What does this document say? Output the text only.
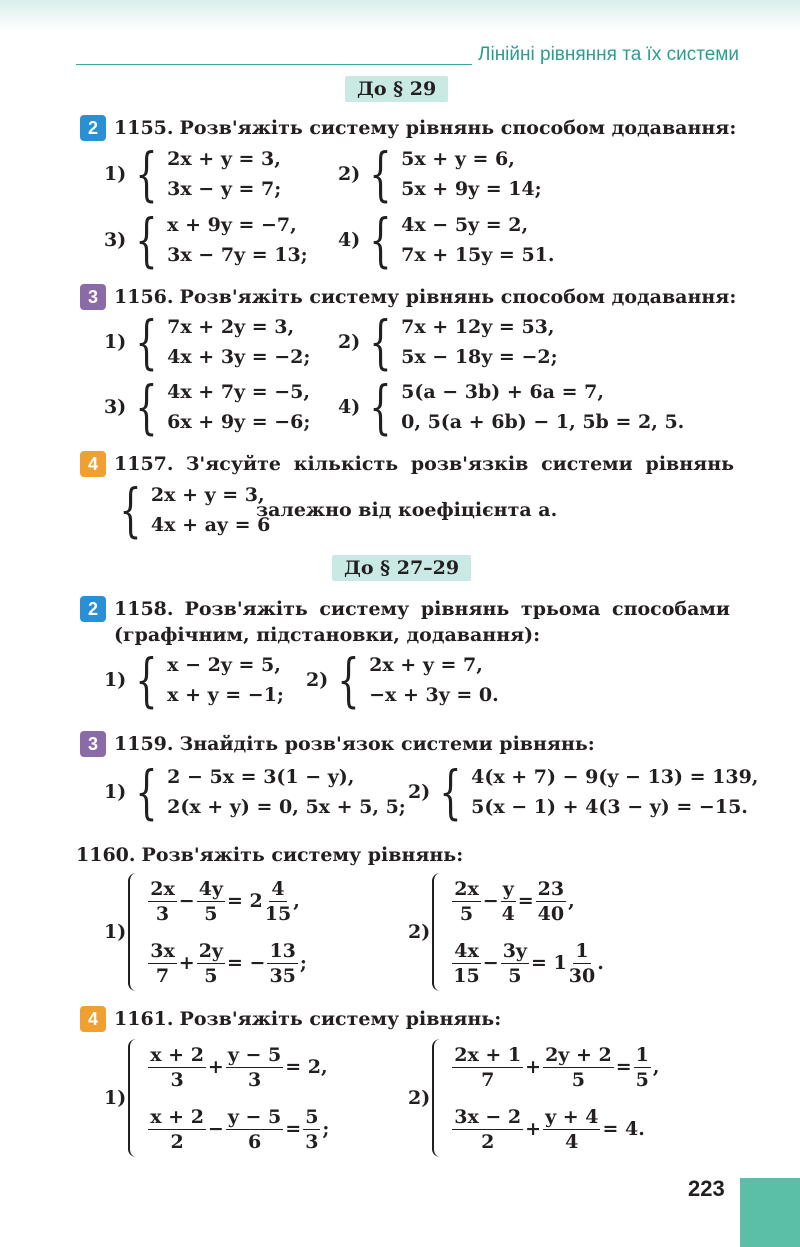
Лінійні рівняння та їх системи
До § 29
2 1155. Розв'яжіть систему рівнянь способом додавання:
1) { 2x + y = 3,
3x − y = 7;
2) { 5x + y = 6,
5x + 9y = 14;
3) { x + 9y = −7,
3x − 7y = 13;
4) { 4x − 5y = 2,
7x + 15y = 51.
3 1156. Розв'яжіть систему рівнянь способом додавання:
1) { 7x + 2y = 3,
4x + 3y = −2;
2) { 7x + 12y = 53,
5x − 18y = −2;
3) { 4x + 7y = −5,
6x + 9y = −6;
4) { 5(a − 3b) + 6a = 7,
0, 5(a + 6b) − 1, 5b = 2, 5.
4 1157. З'ясуйте кількість розв'язків системи рівнянь
{ 2x + y = 3,
4x + ay = 6
залежно від коефіцієнта a.
До § 27–29
2 1158. Розв'яжіть систему рівнянь трьома способами (графічним, підстановки, додавання):
1) { x − 2y = 5,
x + y = −1;
2) { 2x + y = 7,
−x + 3y = 0.
3 1159. Знайдіть розв'язок системи рівнянь:
1) { 2 − 5x = 3(1 − y),
2(x + y) = 0, 5x + 5, 5;
2) { 4(x + 7) − 9(y − 13) = 139,
5(x − 1) + 4(3 − y) = −15.
1160. Розв'яжіть систему рівнянь:
1)
$\frac{2x}{3} - \frac{4y}{5} = 2 \frac{4}{15}$ ,
$\frac{3x}{7} + \frac{2y}{5}$ = − $\frac{13}{35}$ ;
2)
$\frac{2x}{5} - \frac{y}{4} = \frac{23}{40}$ ,
$\frac{4x}{15} - \frac{3y}{5} = 1 \frac{1}{30}$ .
4 1161. Розв'яжіть систему рівнянь:
1)
$\frac{x + 2}{3} + \frac{y - 5}{3} = 2$,
$\frac{x + 2}{2} - \frac{y - 5}{6} = \frac{5}{3}$ ;
2)
$\frac{2x + 1}{7} + \frac{2y + 2}{5} = \frac{1}{5}$ ,
$\frac{3x - 2}{2} + \frac{y + 4}{4} = 4$.
223
